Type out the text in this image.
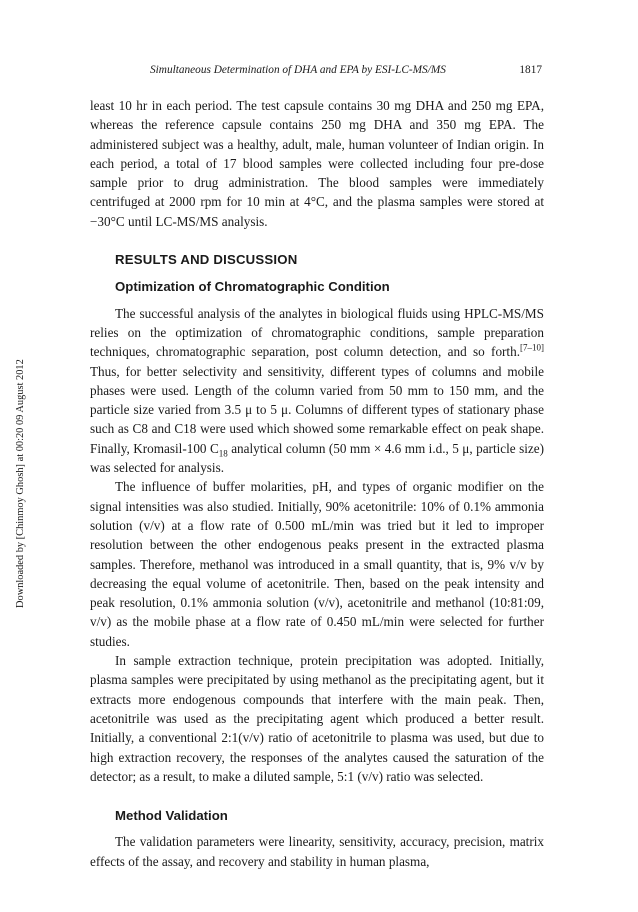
Simultaneous Determination of DHA and EPA by ESI-LC-MS/MS	1817
Downloaded by [Chinmoy Ghosh] at 00:20 09 August 2012

least 10 hr in each period. The test capsule contains 30 mg DHA and 250 mg EPA, whereas the reference capsule contains 250 mg DHA and 350 mg EPA. The administered subject was a healthy, adult, male, human volunteer of Indian origin. In each period, a total of 17 blood samples were collected including four pre-dose sample prior to drug administration. The blood samples were immediately centrifuged at 2000 rpm for 10 min at 4°C, and the plasma samples were stored at −30°C until LC-MS/MS analysis.

RESULTS AND DISCUSSION
Optimization of Chromatographic Condition

The successful analysis of the analytes in biological fluids using HPLC-MS/MS relies on the optimization of chromatographic conditions, sample preparation techniques, chromatographic separation, post column detection, and so forth.[7–10] Thus, for better selectivity and sensitivity, different types of columns and mobile phases were used. Length of the column varied from 50 mm to 150 mm, and the particle size varied from 3.5 μ to 5 μ. Columns of different types of stationary phase such as C8 and C18 were used which showed some remarkable effect on peak shape. Finally, Kromasil-100 $C_{18}$ analytical column (50 mm × 4.6 mm i.d., 5 μ, particle size) was selected for analysis.

The influence of buffer molarities, pH, and types of organic modifier on the signal intensities was also studied. Initially, 90% acetonitrile: 10% of 0.1% ammonia solution (v/v) at a flow rate of 0.500 mL/min was tried but it led to improper resolution between the other endogenous peaks present in the extracted plasma samples. Therefore, methanol was introduced in a small quantity, that is, 9% v/v by decreasing the equal volume of acetonitrile. Then, based on the peak intensity and peak resolution, 0.1% ammonia solution (v/v), acetonitrile and methanol (10:81:09, v/v) as the mobile phase at a flow rate of 0.450 mL/min were selected for further studies.

In sample extraction technique, protein precipitation was adopted. Initially, plasma samples were precipitated by using methanol as the precipitating agent, but it extracts more endogenous compounds that interfere with the main peak. Then, acetonitrile was used as the precipitating agent which produced a better result. Initially, a conventional 2:1(v/v) ratio of acetonitrile to plasma was used, but due to high extraction recovery, the responses of the analytes caused the saturation of the detector; as a result, to make a diluted sample, 5:1 (v/v) ratio was selected.

Method Validation

The validation parameters were linearity, sensitivity, accuracy, precision, matrix effects of the assay, and recovery and stability in human plasma,
